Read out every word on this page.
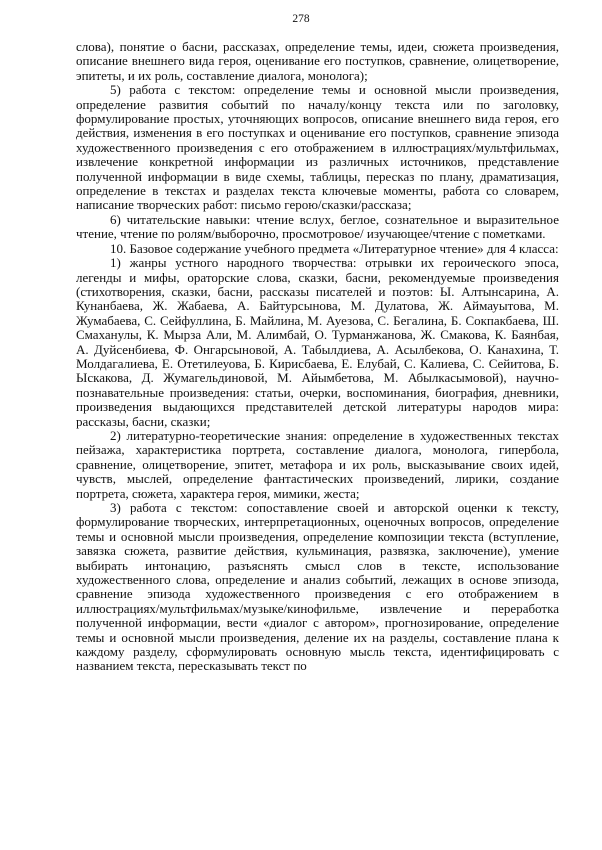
278

слова), понятие о басни, рассказах, определение темы, идеи, сюжета произведения, описание внешнего вида героя, оценивание его поступков, сравнение, олицетворение, эпитеты, и их роль, составление диалога, монолога);

5) работа с текстом: определение темы и основной мысли произведения, определение развития событий по началу/концу текста или по заголовку, формулирование простых, уточняющих вопросов, описание внешнего вида героя, его действия, изменения в его поступках и оценивание его поступков, сравнение эпизода художественного произведения с его отображением в иллюстрациях/мультфильмах, извлечение конкретной информации из различных источников, представление полученной информации в виде схемы, таблицы, пересказ по плану, драматизация, определение в текстах и разделах текста ключевые моменты, работа со словарем, написание творческих работ: письмо герою/сказки/рассказа;

6) читательские навыки: чтение вслух, беглое, сознательное и выразительное чтение, чтение по ролям/выборочно, просмотровое/ изучающее/чтение с пометками.

10. Базовое содержание учебного предмета «Литературное чтение» для 4 класса:

1) жанры устного народного творчества: отрывки их героического эпоса, легенды и мифы, ораторские слова, сказки, басни, рекомендуемые произведения (стихотворения, сказки, басни, рассказы писателей и поэтов: Ы. Алтынсарина, А. Кунанбаева, Ж. Жабаева, А. Байтурсынова, М. Дулатова, Ж. Аймауытова, М. Жумабаева, С. Сейфуллина, Б. Майлина, М. Ауезова, С. Бегалина, Б. Сокпакбаева, Ш. Смаханулы, К. Мырза Али, М. Алимбай, О. Турманжанова, Ж. Смакова, К. Баянбая, А. Дуйсенбиева, Ф. Онгарсыновой, А. Табылдиева, А. Асылбекова, О. Канахина, Т. Молдагалиева, Е. Отетилеуова, Б. Кирисбаева, Е. Елубай, С. Калиева, С. Сейитова, Б. Ыскакова, Д. Жумагельдиновой, М. Айымбетова, М. Абылкасымовой), научно-познавательные произведения: статьи, очерки, воспоминания, биография, дневники, произведения выдающихся представителей детской литературы народов мира: рассказы, басни, сказки;

2) литературно-теоретические знания: определение в художественных текстах пейзажа, характеристика портрета, составление диалога, монолога, гипербола, сравнение, олицетворение, эпитет, метафора и их роль, высказывание своих идей, чувств, мыслей, определение фантастических произведений, лирики, создание портрета, сюжета, характера героя, мимики, жеста;

3) работа с текстом: сопоставление своей и авторской оценки к тексту, формулирование творческих, интерпретационных, оценочных вопросов, определение темы и основной мысли произведения, определение композиции текста (вступление, завязка сюжета, развитие действия, кульминация, развязка, заключение), умение выбирать интонацию, разъяснять смысл слов в тексте, использование художественного слова, определение и анализ событий, лежащих в основе эпизода, сравнение эпизода художественного произведения с его отображением в иллюстрациях/мультфильмах/музыке/кинофильме, извлечение и переработка полученной информации, вести «диалог с автором», прогнозирование, определение темы и основной мысли произведения, деление их на разделы, составление плана к каждому разделу, сформулировать основную мысль текста, идентифицировать с названием текста, пересказывать текст по
